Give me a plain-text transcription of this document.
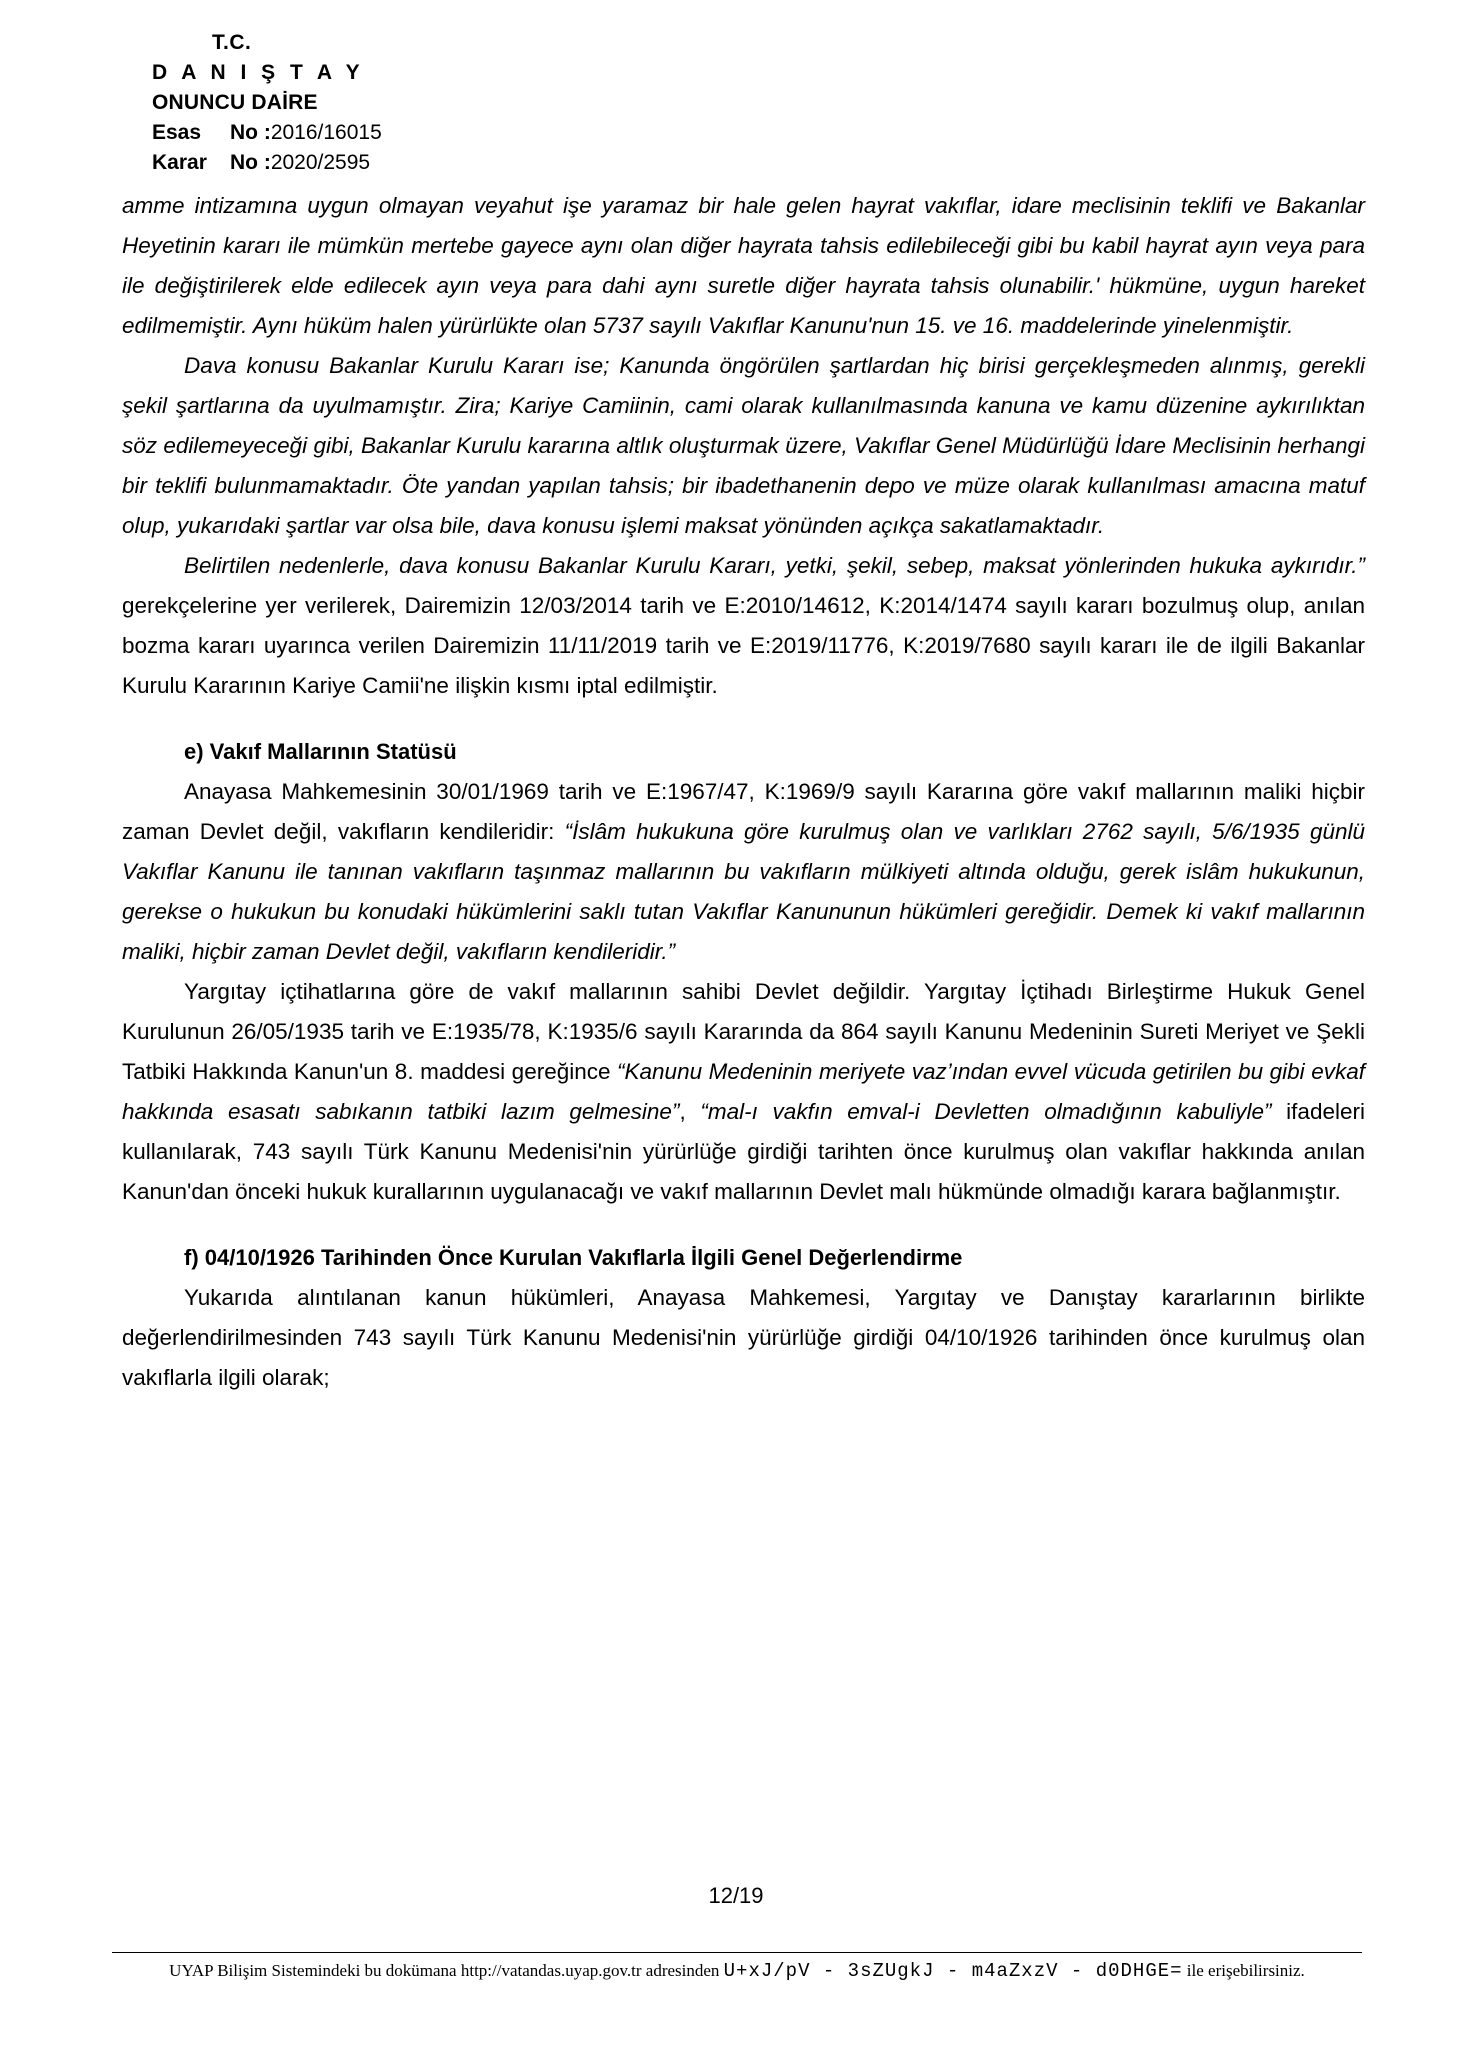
T.C.
D A N I Ş T A Y
ONUNCU DAİRE
Esas No :2016/16015
Karar No :2020/2595

amme intizamına uygun olmayan veyahut işe yaramaz bir hale gelen hayrat vakıflar, idare meclisinin teklifi ve Bakanlar Heyetinin kararı ile mümkün mertebe gayece aynı olan diğer hayrata tahsis edilebileceği gibi bu kabil hayrat ayın veya para ile değiştirilerek elde edilecek ayın veya para dahi aynı suretle diğer hayrata tahsis olunabilir.' hükmüne, uygun hareket edilmemiştir. Aynı hüküm halen yürürlükte olan 5737 sayılı Vakıflar Kanunu'nun 15. ve 16. maddelerinde yinelenmiştir.

Dava konusu Bakanlar Kurulu Kararı ise; Kanunda öngörülen şartlardan hiç birisi gerçekleşmeden alınmış, gerekli şekil şartlarına da uyulmamıştır. Zira; Kariye Camiinin, cami olarak kullanılmasında kanuna ve kamu düzenine aykırılıktan söz edilemeyeceği gibi, Bakanlar Kurulu kararına altlık oluşturmak üzere, Vakıflar Genel Müdürlüğü İdare Meclisinin herhangi bir teklifi bulunmamaktadır. Öte yandan yapılan tahsis; bir ibadethanenin depo ve müze olarak kullanılması amacına matuf olup, yukarıdaki şartlar var olsa bile, dava konusu işlemi maksat yönünden açıkça sakatlamaktadır.

Belirtilen nedenlerle, dava konusu Bakanlar Kurulu Kararı, yetki, şekil, sebep, maksat yönlerinden hukuka aykırıdır.” gerekçelerine yer verilerek, Dairemizin 12/03/2014 tarih ve E:2010/14612, K:2014/1474 sayılı kararı bozulmuş olup, anılan bozma kararı uyarınca verilen Dairemizin 11/11/2019 tarih ve E:2019/11776, K:2019/7680 sayılı kararı ile de ilgili Bakanlar Kurulu Kararının Kariye Camii'ne ilişkin kısmı iptal edilmiştir.

e) Vakıf Mallarının Statüsü

Anayasa Mahkemesinin 30/01/1969 tarih ve E:1967/47, K:1969/9 sayılı Kararına göre vakıf mallarının maliki hiçbir zaman Devlet değil, vakıfların kendileridir: “İslâm hukukuna göre kurulmuş olan ve varlıkları 2762 sayılı, 5/6/1935 günlü Vakıflar Kanunu ile tanınan vakıfların taşınmaz mallarının bu vakıfların mülkiyeti altında olduğu, gerek islâm hukukunun, gerekse o hukukun bu konudaki hükümlerini saklı tutan Vakıflar Kanununun hükümleri gereğidir. Demek ki vakıf mallarının maliki, hiçbir zaman Devlet değil, vakıfların kendileridir.”

Yargıtay içtihatlarına göre de vakıf mallarının sahibi Devlet değildir. Yargıtay İçtihadı Birleştirme Hukuk Genel Kurulunun 26/05/1935 tarih ve E:1935/78, K:1935/6 sayılı Kararında da 864 sayılı Kanunu Medeninin Sureti Meriyet ve Şekli Tatbiki Hakkında Kanun'un 8. maddesi gereğince “Kanunu Medeninin meriyete vaz’ından evvel vücuda getirilen bu gibi evkaf hakkında esasatı sabıkanın tatbiki lazım gelmesine”, “mal-ı vakfın emval-i Devletten olmadığının kabuliyle” ifadeleri kullanılarak, 743 sayılı Türk Kanunu Medenisi'nin yürürlüğe girdiği tarihten önce kurulmuş olan vakıflar hakkında anılan Kanun'dan önceki hukuk kurallarının uygulanacağı ve vakıf mallarının Devlet malı hükmünde olmadığı karara bağlanmıştır.

f) 04/10/1926 Tarihinden Önce Kurulan Vakıflarla İlgili Genel Değerlendirme

Yukarıda alıntılanan kanun hükümleri, Anayasa Mahkemesi, Yargıtay ve Danıştay kararlarının birlikte değerlendirilmesinden 743 sayılı Türk Kanunu Medenisi'nin yürürlüğe girdiği 04/10/1926 tarihinden önce kurulmuş olan vakıflarla ilgili olarak;

12/19
UYAP Bilişim Sistemindeki bu dokümana http://vatandas.uyap.gov.tr adresinden U+xJ/pV - 3sZUgkJ - m4aZxzV - d0DHGE= ile erişebilirsiniz.
